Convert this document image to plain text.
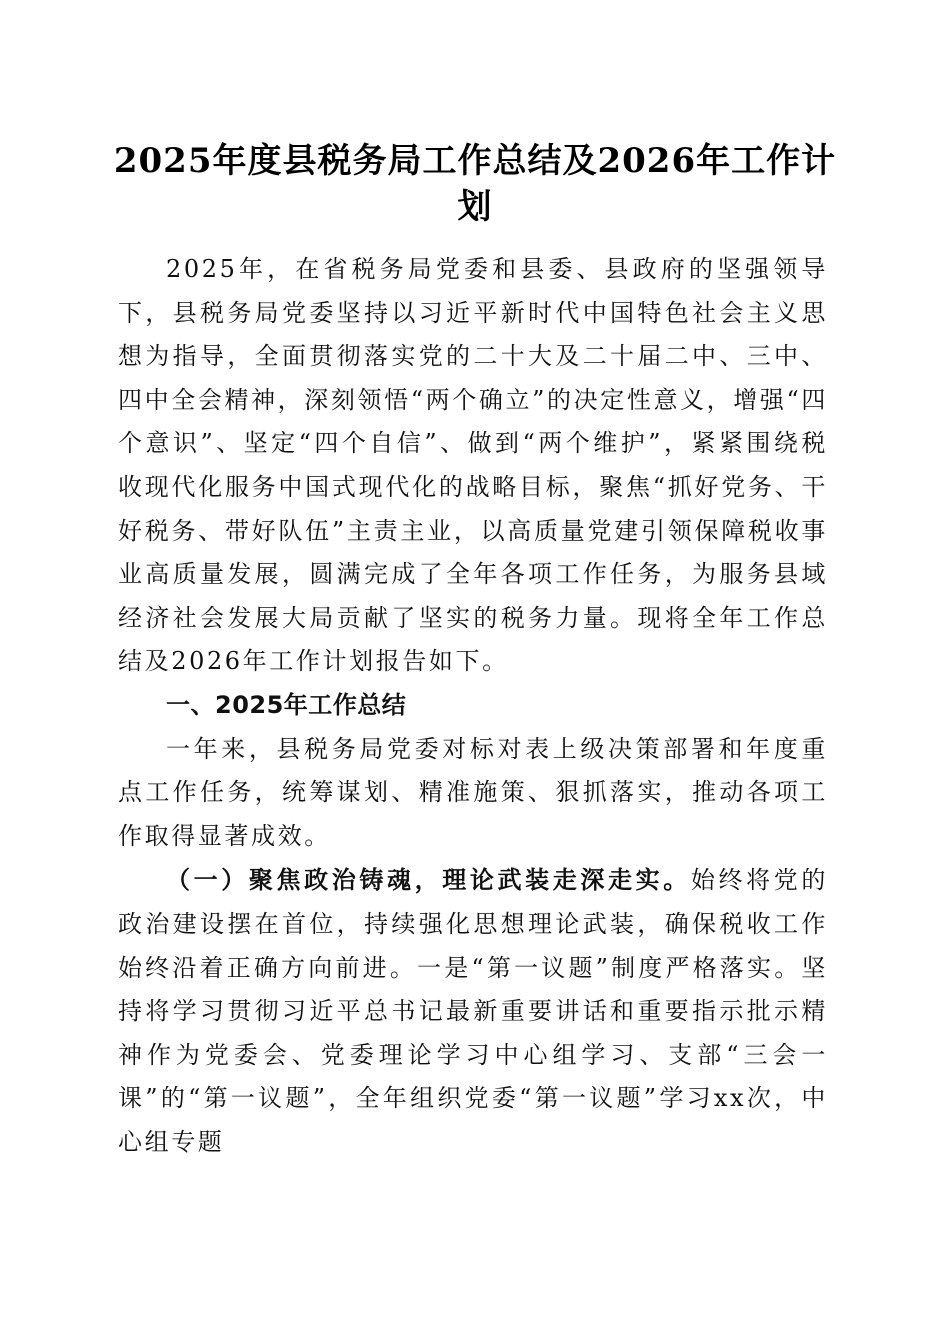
2025年度县税务局工作总结及2026年工作计划

2025年，在省税务局党委和县委、县政府的坚强领导下，县税务局党委坚持以习近平新时代中国特色社会主义思想为指导，全面贯彻落实党的二十大及二十届二中、三中、四中全会精神，深刻领悟“两个确立”的决定性意义，增强“四个意识”、坚定“四个自信”、做到“两个维护”，紧紧围绕税收现代化服务中国式现代化的战略目标，聚焦“抓好党务、干好税务、带好队伍”主责主业，以高质量党建引领保障税收事业高质量发展，圆满完成了全年各项工作任务，为服务县域经济社会发展大局贡献了坚实的税务力量。现将全年工作总结及2026年工作计划报告如下。

一、2025年工作总结

一年来，县税务局党委对标对表上级决策部署和年度重点工作任务，统筹谋划、精准施策、狠抓落实，推动各项工作取得显著成效。

（一）聚焦政治铸魂，理论武装走深走实。始终将党的政治建设摆在首位，持续强化思想理论武装，确保税收工作始终沿着正确方向前进。一是“第一议题”制度严格落实。坚持将学习贯彻习近平总书记最新重要讲话和重要指示批示精神作为党委会、党委理论学习中心组学习、支部“三会一课”的“第一议题”，全年组织党委“第一议题”学习xx次，中心组专题
